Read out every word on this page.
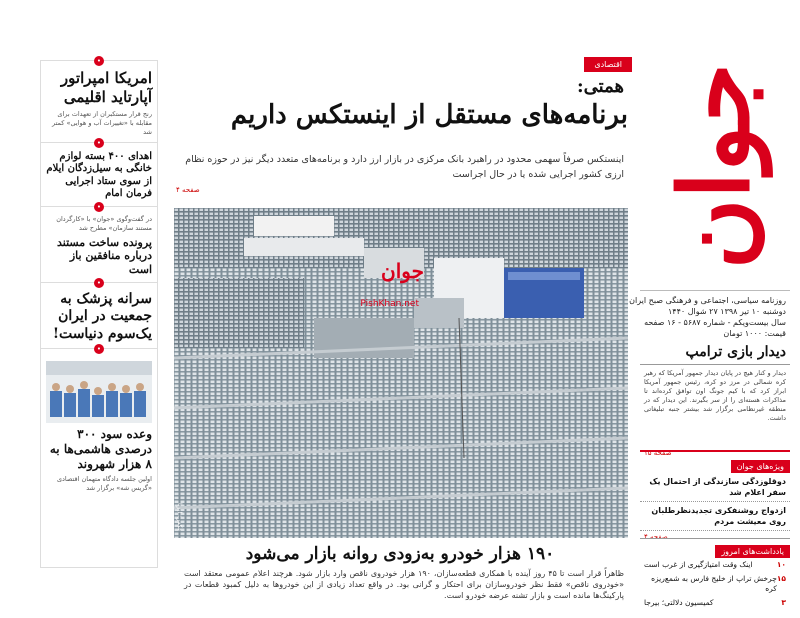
جوان
روزنامه سیاسی، اجتماعی و فرهنگی صبح ایران
دوشنبه ۱۰ تیر ۱۳۹۸ ۲۷ شوال ۱۴۴۰
سال بیست‌ویکم - شماره ۵۶۸۷ - ۱۶ صفحه
قیمت: ۱۰۰۰ تومان
دیدار بازی ترامپ
دیدار و کنار هیچ در پایان دیدار جمهور آمریکا که رهبر کره شمالی در مرز دو کره، رئیس جمهور آمریکا ابراز کرد که با کیم جونگ اون توافق کرده‌اند تا مذاکرات هسته‌ای را از سر بگیرند. این دیدار که در منطقه غیرنظامی برگزار شد بیشتر جنبه تبلیغاتی داشت.
صفحه ۱۵
ویژه‌های جوان
دوقلوزدگی سازندگی از احتمال یک سفر اعلام شد
ازدواج روشنفکری تجدیدنظرطلبان روی معیشت مردم
صفحه ۴
یادداشت‌های امروز
اینک وقت امتیازگیری از غرب است	۱۰
چرخش تراپ از خلیج فارس به شمع‌ریزه کره
۱۵
کمیسیون دلالتی؛ بیرجا	۳
اقتصادی
همتی:
برنامه‌های مستقل از اینستکس داریم
اینستکس صرفاً سهمی محدود در راهبرد بانک مرکزی در بازار ارز دارد و برنامه‌های متعدد دیگر نیز در حوزه نظام ارزی کشور اجرایی شده یا در حال اجراست
صفحه ۴
جوان
PishKhan.net
عکس: ایرنا
۱۹۰ هزار خودرو به‌زودی روانه بازار می‌شود
ظاهراً قرار است تا ۴۵ روز آینده با همکاری قطعه‌سازان، ۱۹۰ هزار خودروی ناقص وارد بازار شود. هرچند اعلام عمومی معتقد است «خودروی ناقص» فقط نظر خودروسازان برای احتکار و گرانی بود. در واقع تعداد زیادی از این خودروها به دلیل کمبود قطعات در پارکینگ‌ها مانده است و بازار تشنه عرضه خودرو است.
•
امریکا امپراتور آپارتاید اقلیمی
رنج قرار مستکبران از تعهدات برای مقابله با «تغییرات آب و هوایی» کمتر شد
•
اهدای ۴۰۰ بسته لوازم خانگی به سیل‌زدگان ایلام از سوی ستاد اجرایی فرمان امام
•
در گفت‌وگوی «جوان» با «کارگردان مستند سازمان» مطرح شد
پرونده ساخت مستند درباره منافقین باز است
•
سرانه پزشک به جمعیت در ایران یک‌سوم دنیاست!
•
وعده سود ۳۰۰ درصدی هاشمی‌ها به ۸ هزار شهروند
اولین جلسه دادگاه متهمان اقتصادی «گریس شه» برگزار شد
